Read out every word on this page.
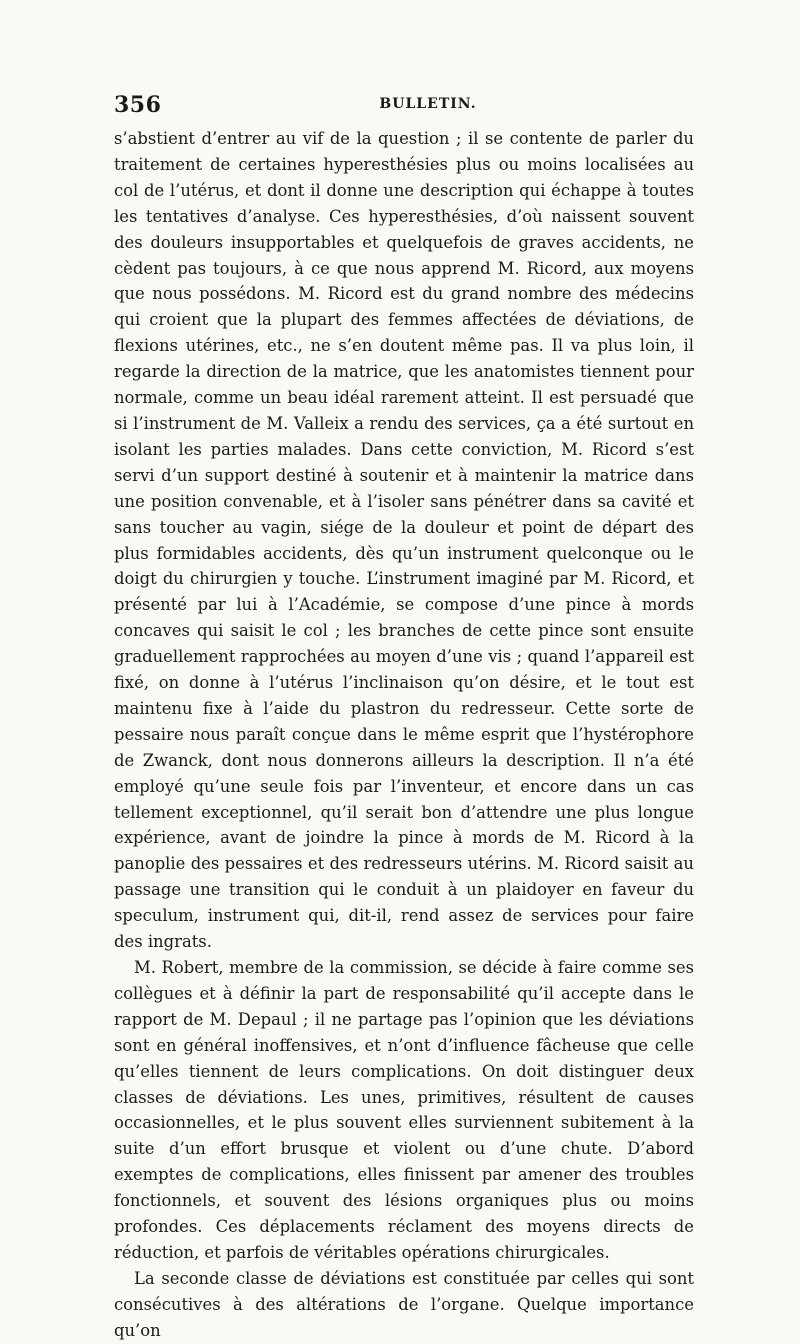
356	BULLETIN.

s’abstient d’entrer au vif de la question ; il se contente de parler du traitement de certaines hyperesthésies plus ou moins localisées au col de l’utérus, et dont il donne une description qui échappe à toutes les tentatives d’analyse. Ces hyperesthésies, d’où naissent souvent des douleurs insupportables et quelquefois de graves accidents, ne cèdent pas toujours, à ce que nous apprend M. Ricord, aux moyens que nous possédons. M. Ricord est du grand nombre des médecins qui croient que la plupart des femmes affectées de déviations, de flexions utérines, etc., ne s’en doutent même pas. Il va plus loin, il regarde la direction de la matrice, que les anatomistes tiennent pour normale, comme un beau idéal rarement atteint. Il est persuadé que si l’instrument de M. Valleix a rendu des services, ça a été surtout en isolant les parties malades. Dans cette conviction, M. Ricord s’est servi d’un support destiné à soutenir et à maintenir la matrice dans une position convenable, et à l’isoler sans pénétrer dans sa cavité et sans toucher au vagin, siége de la douleur et point de départ des plus formidables accidents, dès qu’un instrument quelconque ou le doigt du chirurgien y touche. L’instrument imaginé par M. Ricord, et présenté par lui à l’Académie, se compose d’une pince à mords concaves qui saisit le col ; les branches de cette pince sont ensuite graduellement rapprochées au moyen d’une vis ; quand l’appareil est fixé, on donne à l’utérus l’inclinaison qu’on désire, et le tout est maintenu fixe à l’aide du plastron du redresseur. Cette sorte de pessaire nous paraît conçue dans le même esprit que l’hystérophore de Zwanck, dont nous donnerons ailleurs la description. Il n’a été employé qu’une seule fois par l’inventeur, et encore dans un cas tellement exceptionnel, qu’il serait bon d’attendre une plus longue expérience, avant de joindre la pince à mords de M. Ricord à la panoplie des pessaires et des redresseurs utérins. M. Ricord saisit au passage une transition qui le conduit à un plaidoyer en faveur du speculum, instrument qui, dit-il, rend assez de services pour faire des ingrats.

M. Robert, membre de la commission, se décide à faire comme ses collègues et à définir la part de responsabilité qu’il accepte dans le rapport de M. Depaul ; il ne partage pas l’opinion que les déviations sont en général inoffensives, et n’ont d’influence fâcheuse que celle qu’elles tiennent de leurs complications. On doit distinguer deux classes de déviations. Les unes, primitives, résultent de causes occasionnelles, et le plus souvent elles surviennent subitement à la suite d’un effort brusque et violent ou d’une chute. D’abord exemptes de complications, elles finissent par amener des troubles fonctionnels, et souvent des lésions organiques plus ou moins profondes. Ces déplacements réclament des moyens directs de réduction, et parfois de véritables opérations chirurgicales.

La seconde classe de déviations est constituée par celles qui sont consécutives à des altérations de l’organe. Quelque importance qu’on
